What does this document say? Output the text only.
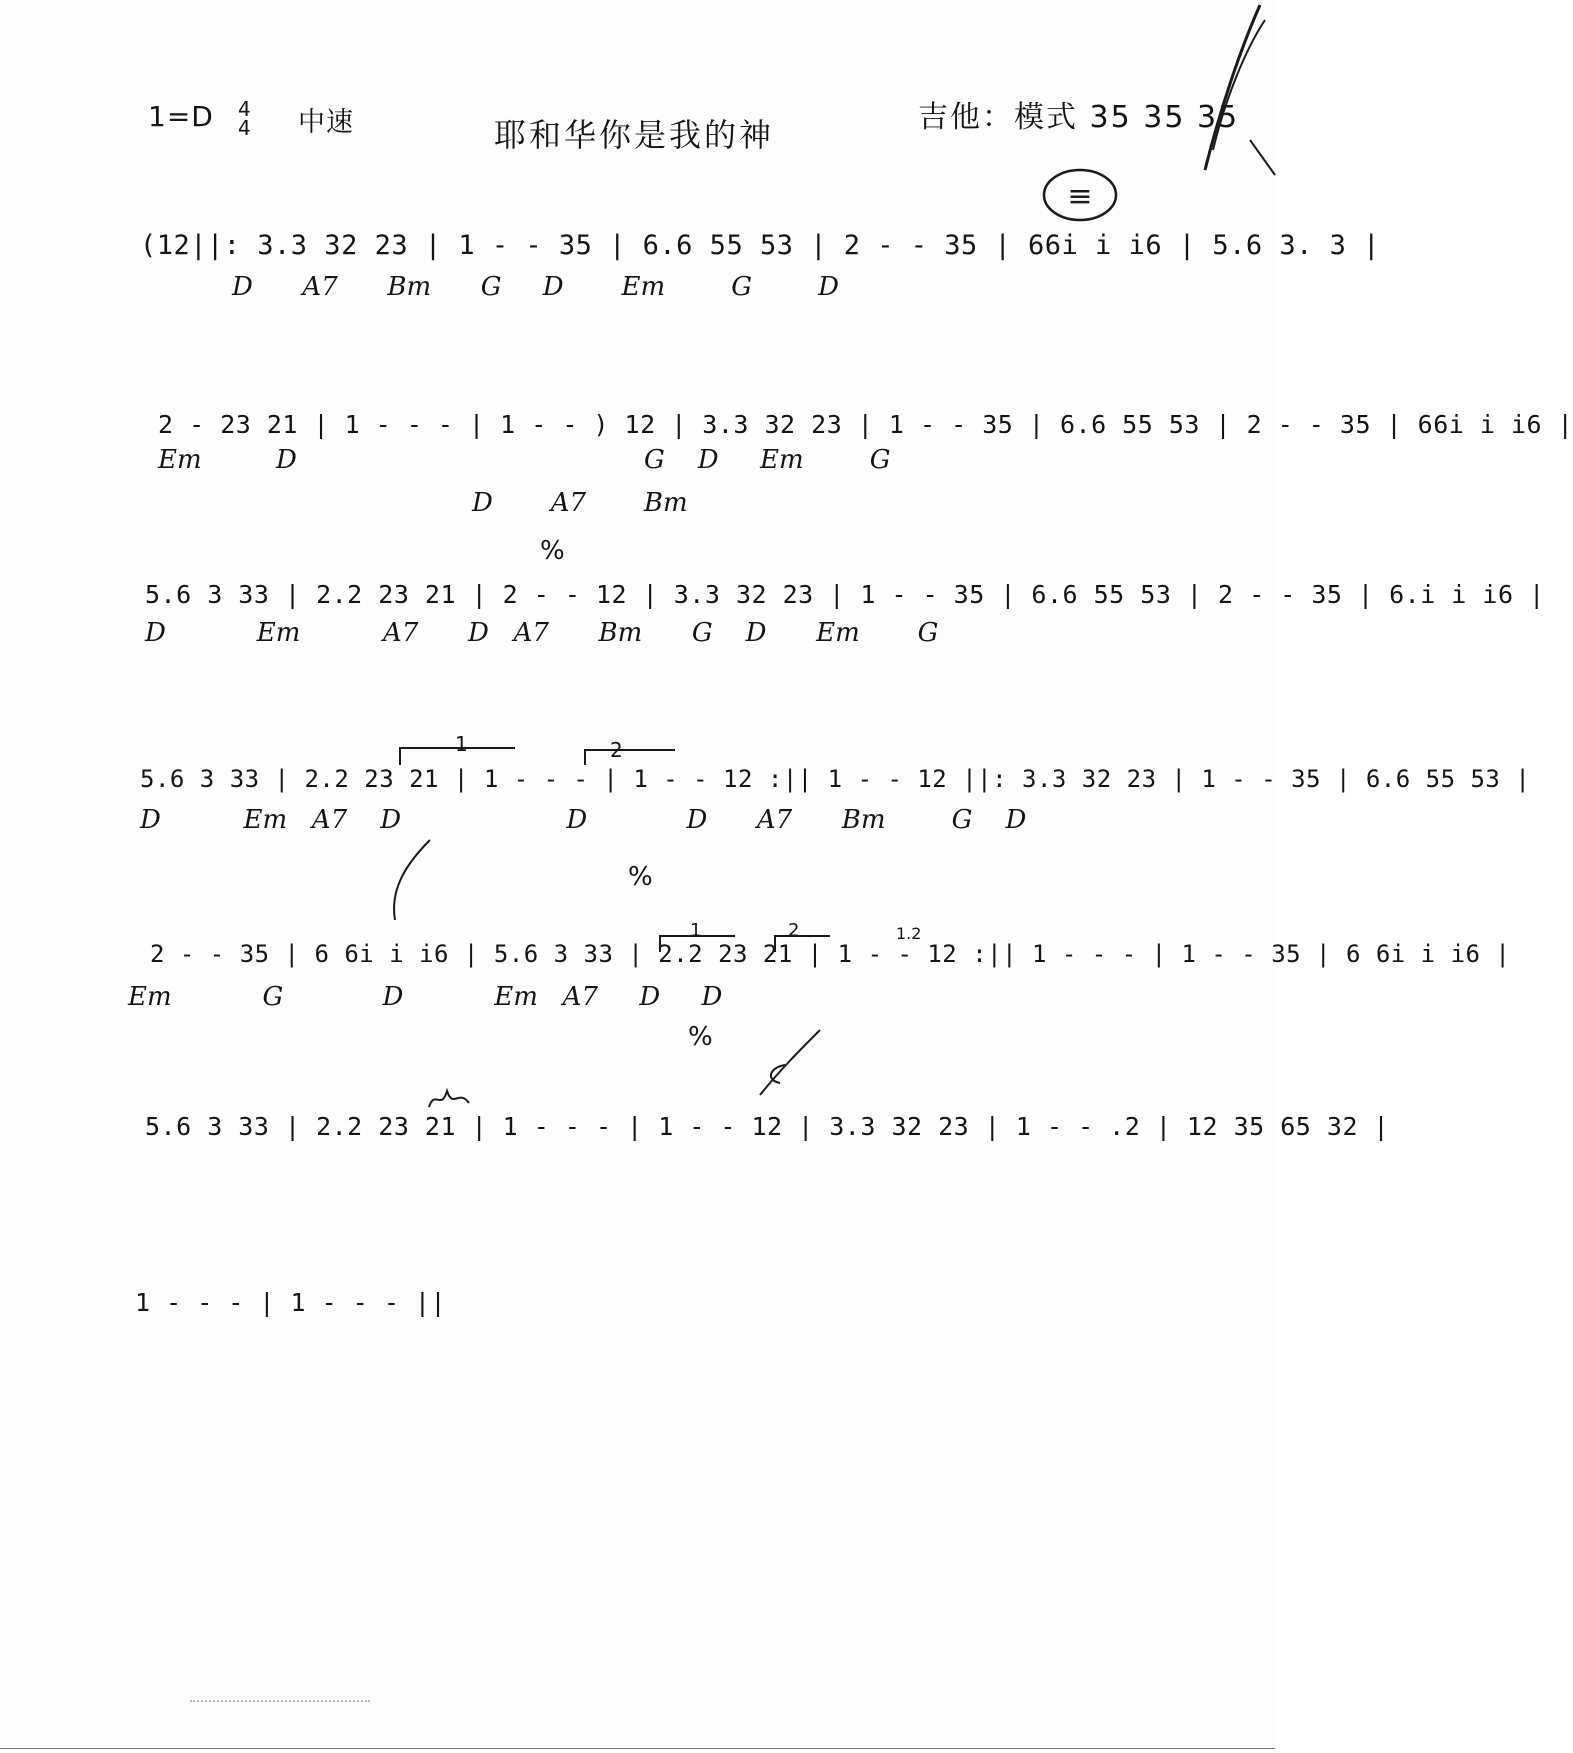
1=D 4
4 中速	耶和华你是我的神	吉他：模式 35 35 35
≡
(12||: 3.3 32 23 | 1 - - 35 | 6.6 55 53 | 2 - - 35 | 66i i i6 | 5.6 3. 3 |
D      A7      Bm      G     D       Em        G        D
2 - 23 21 | 1 - - - | 1 - - ) 12 | 3.3 32 23 | 1 - - 35 | 6.6 55 53 | 2 - - 35 | 66i i i6 |
Em         D                                          G    D     Em        G
D       A7       Bm
%
5.6 3 33 | 2.2 23 21 | 2 - - 12 | 3.3 32 23 | 1 - - 35 | 6.6 55 53 | 2 - - 35 | 6.i i i6 |
D           Em          A7      D   A7      Bm      G    D      Em       G
5.6 3 33 | 2.2 23 21 | 1 - - - | 1 - - 12 :|| 1 - - 12 ||: 3.3 32 23 | 1 - - 35 | 6.6 55 53 |
D          Em   A7    D                    D            D      A7      Bm        G    D
1	2
%
2 - - 35 | 6 6i i i6 | 5.6 3 33 | 2.2 23 21 | 1 - - 12 :|| 1 - - - | 1 - - 35 | 6 6i i i6 |
Em           G            D           Em   A7     D     D
%
1	2	1.2
5.6 3 33 | 2.2 23 21 | 1 - - - | 1 - - 12 | 3.3 32 23 | 1 - - .2 | 12 35 65 32 |
1 - - - | 1 - - - ||
